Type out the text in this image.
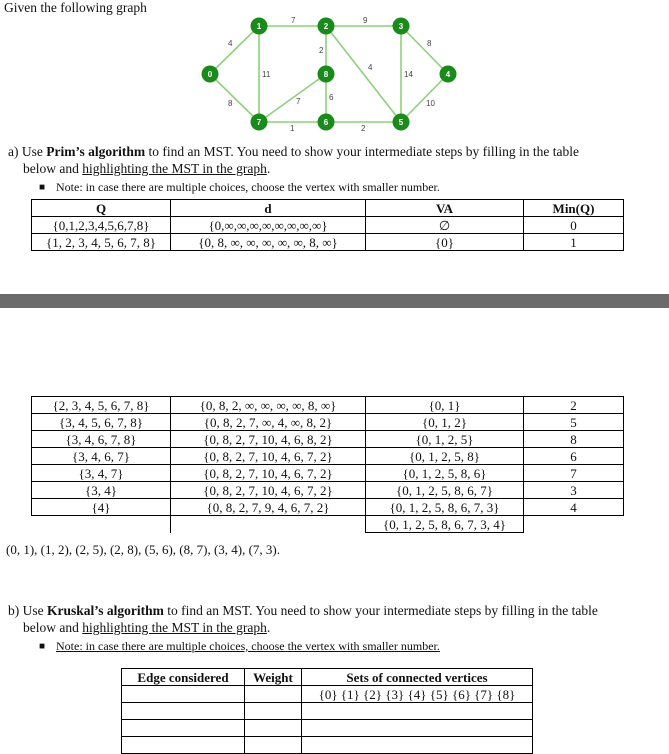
Given the following graph
4
8
7	9
8
11
2
7
4
14
10
6
1	2
0
1	2	3
4
5
6
7
8
a) Use Prim’s algorithm to find an MST. You need to show your intermediate steps by filling in the table
below and highlighting the MST in the graph.
■ Note: in case there are multiple choices, choose the vertex with smaller number.
Q	d	VA	Min(Q)
{0,1,2,3,4,5,6,7,8}	{0,∞,∞,∞,∞,∞,∞,∞,∞}	∅	0
{1, 2, 3, 4, 5, 6, 7, 8}	{0, 8, ∞, ∞, ∞, ∞, ∞, 8, ∞}	{0}	1
{2, 3, 4, 5, 6, 7, 8}	{0, 8, 2, ∞, ∞, ∞, ∞, 8, ∞}	{0, 1}	2
{3, 4, 5, 6, 7, 8}	{0, 8, 2, 7, ∞, 4, ∞, 8, 2}	{0, 1, 2}	5
{3, 4, 6, 7, 8}	{0, 8, 2, 7, 10, 4, 6, 8, 2}	{0, 1, 2, 5}	8
{3, 4, 6, 7}	{0, 8, 2, 7, 10, 4, 6, 7, 2}	{0, 1, 2, 5, 8}	6
{3, 4, 7}	{0, 8, 2, 7, 10, 4, 6, 7, 2}	{0, 1, 2, 5, 8, 6}	7
{3, 4}	{0, 8, 2, 7, 10, 4, 6, 7, 2}	{0, 1, 2, 5, 8, 6, 7}	3
{4}	{0, 8, 2, 7, 9, 4, 6, 7, 2}	{0, 1, 2, 5, 8, 6, 7, 3}	4
		{0, 1, 2, 5, 8, 6, 7, 3, 4}	
(0, 1), (1, 2), (2, 5), (2, 8), (5, 6), (8, 7), (3, 4), (7, 3).
b) Use Kruskal’s algorithm to find an MST. You need to show your intermediate steps by filling in the table
below and highlighting the MST in the graph.
■ Note: in case there are multiple choices, choose the vertex with smaller number.
Edge considered	Weight	Sets of connected vertices
		{0} {1} {2} {3} {4} {5} {6} {7} {8}
